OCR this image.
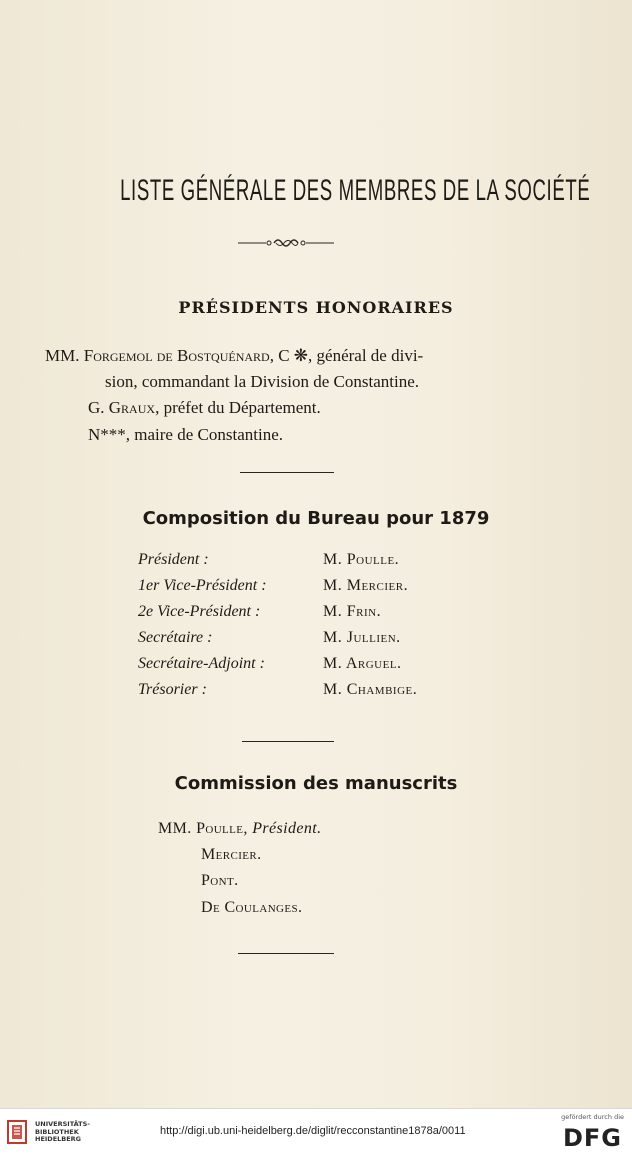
LISTE GÉNÉRALE DES MEMBRES DE LA SOCIÉTÉ
PRÉSIDENTS HONORAIRES
MM. Forgemol de Bostquénard, C ❋, général de divi-
sion, commandant la Division de Constantine.
G. Graux, préfet du Département.
N***, maire de Constantine.
Composition du Bureau pour 1879
Président :	M. Poulle.
1er Vice-Président :	M. Mercier.
2e Vice-Président :	M. Frin.
Secrétaire :	M. Jullien.
Secrétaire-Adjoint :	M. Arguel.
Trésorier :	M. Chambige.
Commission des manuscrits
MM. Poulle, Président.
Mercier.
Pont.
De Coulanges.
UNIVERSITÄTS-
BIBLIOTHEK
HEIDELBERG
http://digi.ub.uni-heidelberg.de/diglit/recconstantine1878a/0011
gefördert durch die
DFG
